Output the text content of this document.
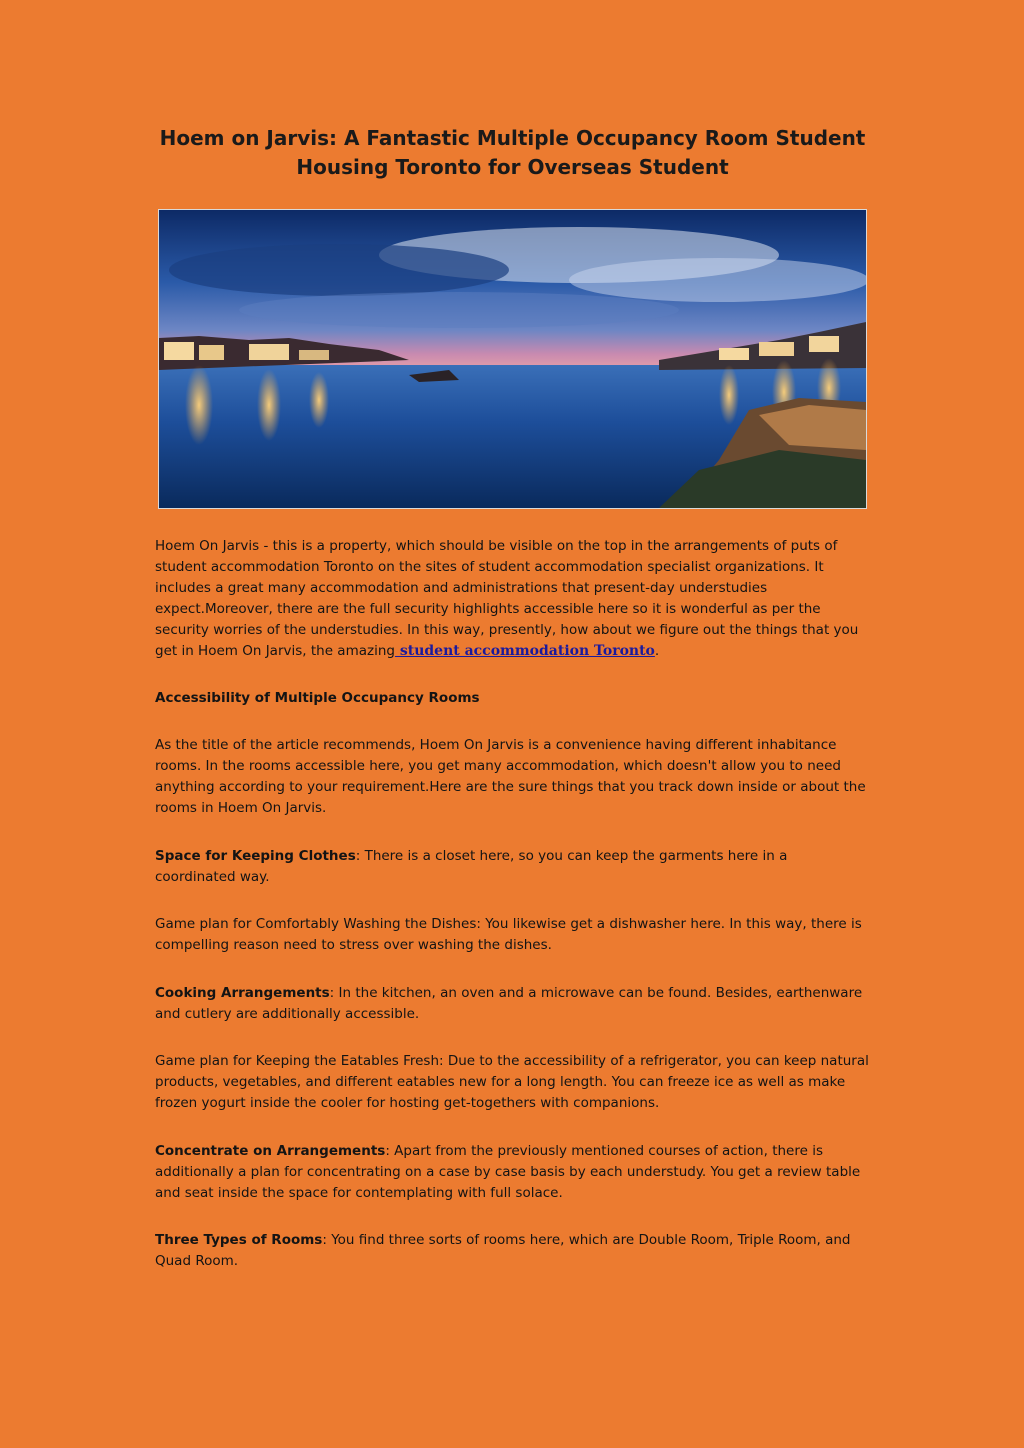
Hoem on Jarvis: A Fantastic Multiple Occupancy Room Student Housing Toronto for Overseas Student

Hoem On Jarvis - this is a property, which should be visible on the top in the arrangements of puts of student accommodation Toronto on the sites of student accommodation specialist organizations. It includes a great many accommodation and administrations that present-day understudies expect.Moreover, there are the full security highlights accessible here so it is wonderful as per the security worries of the understudies. In this way, presently, how about we figure out the things that you get in Hoem On Jarvis, the amazing student accommodation Toronto.

Accessibility of Multiple Occupancy Rooms

As the title of the article recommends, Hoem On Jarvis is a convenience having different inhabitance rooms. In the rooms accessible here, you get many accommodation, which doesn't allow you to need anything according to your requirement.Here are the sure things that you track down inside or about the rooms in Hoem On Jarvis.

Space for Keeping Clothes: There is a closet here, so you can keep the garments here in a coordinated way.

Game plan for Comfortably Washing the Dishes: You likewise get a dishwasher here. In this way, there is compelling reason need to stress over washing the dishes.

Cooking Arrangements: In the kitchen, an oven and a microwave can be found. Besides, earthenware and cutlery are additionally accessible.

Game plan for Keeping the Eatables Fresh: Due to the accessibility of a refrigerator, you can keep natural products, vegetables, and different eatables new for a long length. You can freeze ice as well as make frozen yogurt inside the cooler for hosting get-togethers with companions.

Concentrate on Arrangements: Apart from the previously mentioned courses of action, there is additionally a plan for concentrating on a case by case basis by each understudy. You get a review table and seat inside the space for contemplating with full solace.

Three Types of Rooms: You find three sorts of rooms here, which are Double Room, Triple Room, and Quad Room.
